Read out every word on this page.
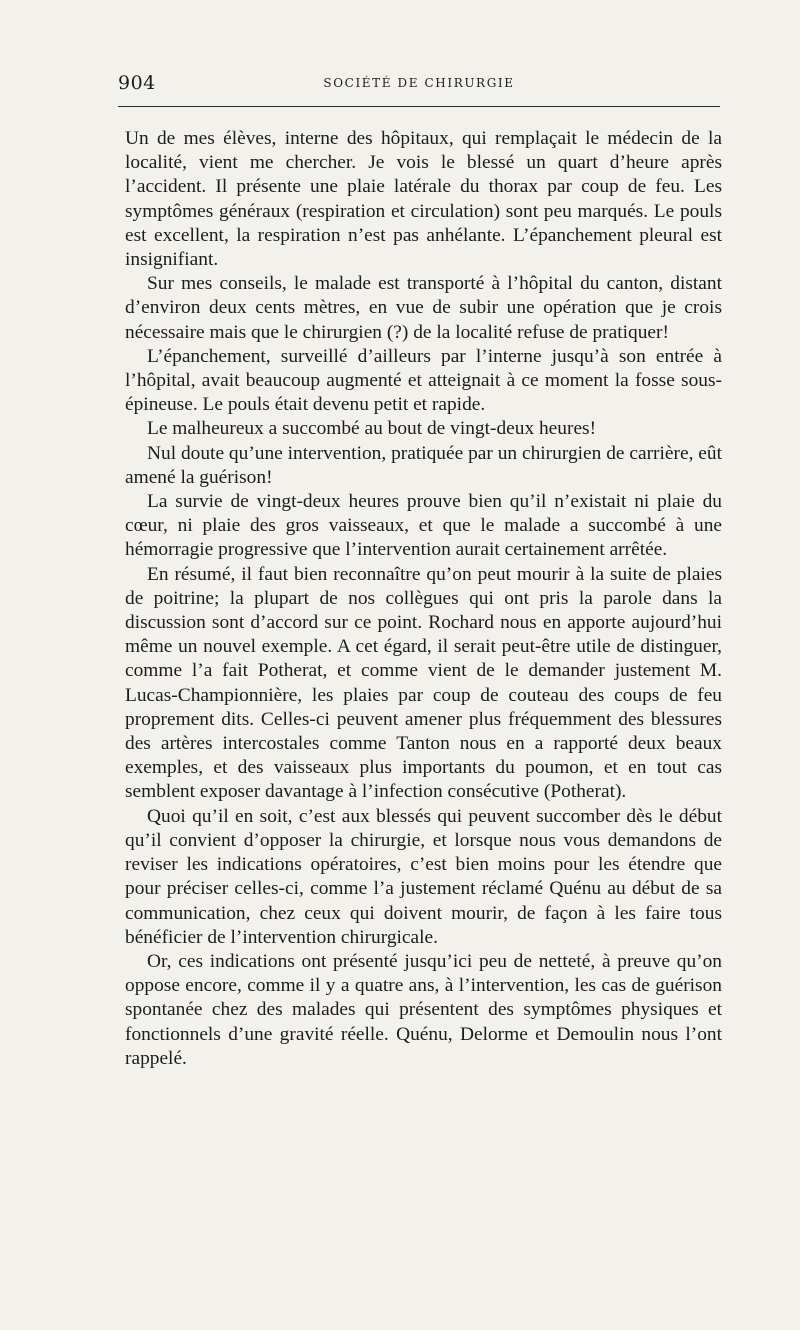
904	SOCIÉTÉ DE CHIRURGIE

Un de mes élèves, interne des hôpitaux, qui remplaçait le médecin de la localité, vient me chercher. Je vois le blessé un quart d’heure après l’accident. Il présente une plaie latérale du thorax par coup de feu. Les symptômes généraux (respiration et circulation) sont peu marqués. Le pouls est excellent, la respiration n’est pas anhélante. L’épanchement pleural est insignifiant.

Sur mes conseils, le malade est transporté à l’hôpital du canton, distant d’environ deux cents mètres, en vue de subir une opération que je crois nécessaire mais que le chirurgien (?) de la localité refuse de pratiquer!

L’épanchement, surveillé d’ailleurs par l’interne jusqu’à son entrée à l’hôpital, avait beaucoup augmenté et atteignait à ce moment la fosse sous-épineuse. Le pouls était devenu petit et rapide.

Le malheureux a succombé au bout de vingt-deux heures!

Nul doute qu’une intervention, pratiquée par un chirurgien de carrière, eût amené la guérison!

La survie de vingt-deux heures prouve bien qu’il n’existait ni plaie du cœur, ni plaie des gros vaisseaux, et que le malade a succombé à une hémorragie progressive que l’intervention aurait certainement arrêtée.

En résumé, il faut bien reconnaître qu’on peut mourir à la suite de plaies de poitrine; la plupart de nos collègues qui ont pris la parole dans la discussion sont d’accord sur ce point. Rochard nous en apporte aujourd’hui même un nouvel exemple. A cet égard, il serait peut-être utile de distinguer, comme l’a fait Potherat, et comme vient de le demander justement M. Lucas-Championnière, les plaies par coup de couteau des coups de feu proprement dits. Celles-ci peuvent amener plus fréquemment des blessures des artères intercostales comme Tanton nous en a rapporté deux beaux exemples, et des vaisseaux plus importants du poumon, et en tout cas semblent exposer davantage à l’infection consécutive (Potherat).

Quoi qu’il en soit, c’est aux blessés qui peuvent succomber dès le début qu’il convient d’opposer la chirurgie, et lorsque nous vous demandons de reviser les indications opératoires, c’est bien moins pour les étendre que pour préciser celles-ci, comme l’a justement réclamé Quénu au début de sa communication, chez ceux qui doivent mourir, de façon à les faire tous bénéficier de l’intervention chirurgicale.

Or, ces indications ont présenté jusqu’ici peu de netteté, à preuve qu’on oppose encore, comme il y a quatre ans, à l’intervention, les cas de guérison spontanée chez des malades qui présentent des symptômes physiques et fonctionnels d’une gravité réelle. Quénu, Delorme et Demoulin nous l’ont rappelé.
